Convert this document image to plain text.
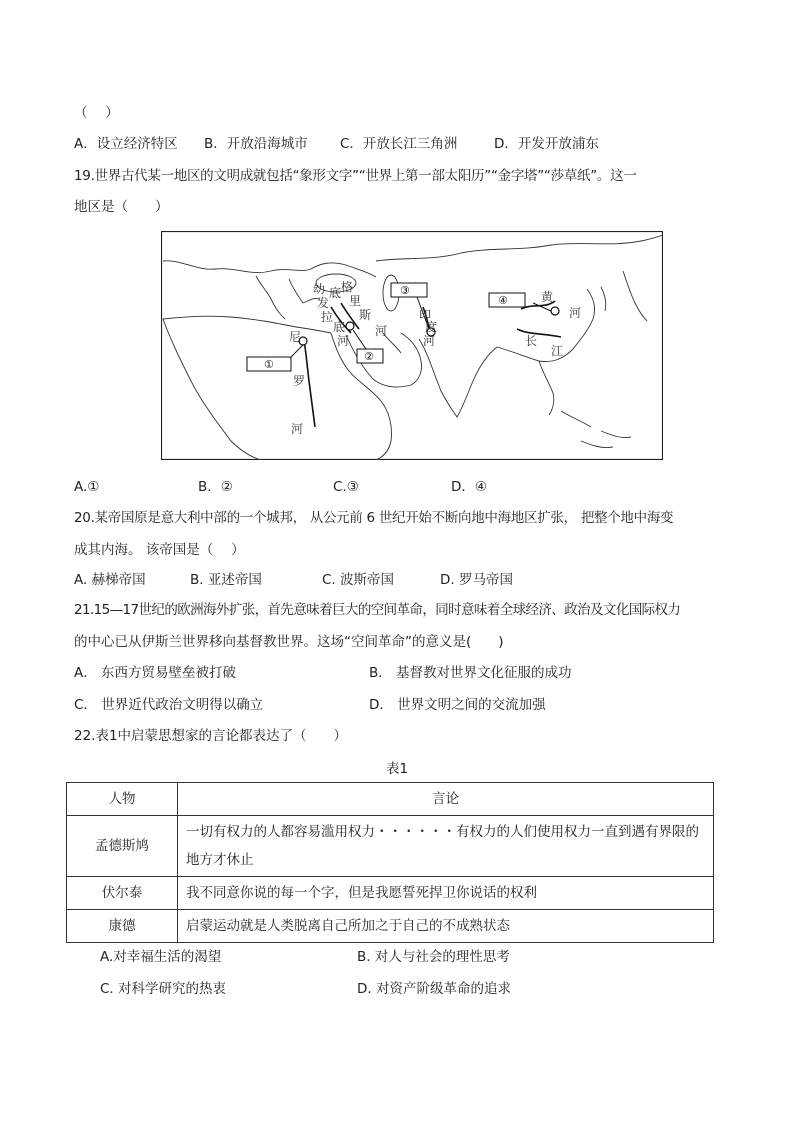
（　 ）
A．设立经济特区 B．开放沿海城市 C．开放长江三角洲	D．开发开放浦东
19.世界古代某一地区的文明成就包括“象形文字”“世界上第一部太阳历”“金字塔”“莎草纸”。这一
地区是（　　）
①
②
③
④
尼
罗
河
幼
发
拉
底
河
底 格
里
斯
河
印
度
河
黄
河
长
江
A.①	B．②	C.③	D．④
20.某帝国原是意大利中部的一个城邦， 从公元前 6 世纪开始不断向地中海地区扩张， 把整个地中海变
成其内海。 该帝国是（　 ）
A. 赫梯帝国	B. 亚述帝国	C. 波斯帝国	D. 罗马帝国
21.15—17世纪的欧洲海外扩张，首先意味着巨大的空间革命，同时意味着全球经济、政治及文化国际权力
的中心已从伊斯兰世界移向基督教世界。这场“空间革命”的意义是(　　)
A． 东西方贸易壁垒被打破	B． 基督教对世界文化征服的成功
C． 世界近代政治文明得以确立	D． 世界文明之间的交流加强
22.表1中启蒙思想家的言论都表达了（　　）
表1
人物	言论
孟德斯鸠	一切有权力的人都容易滥用权力・・・・・・有权力的人们使用权力一直到遇有界限的地方才休止
伏尔泰	我不同意你说的每一个字，但是我愿誓死捍卫你说话的权利
康德	启蒙运动就是人类脱离自己所加之于自己的不成熟状态
A.对幸福生活的渴望	B. 对人与社会的理性思考
C. 对科学研究的热衷	D. 对资产阶级革命的追求
